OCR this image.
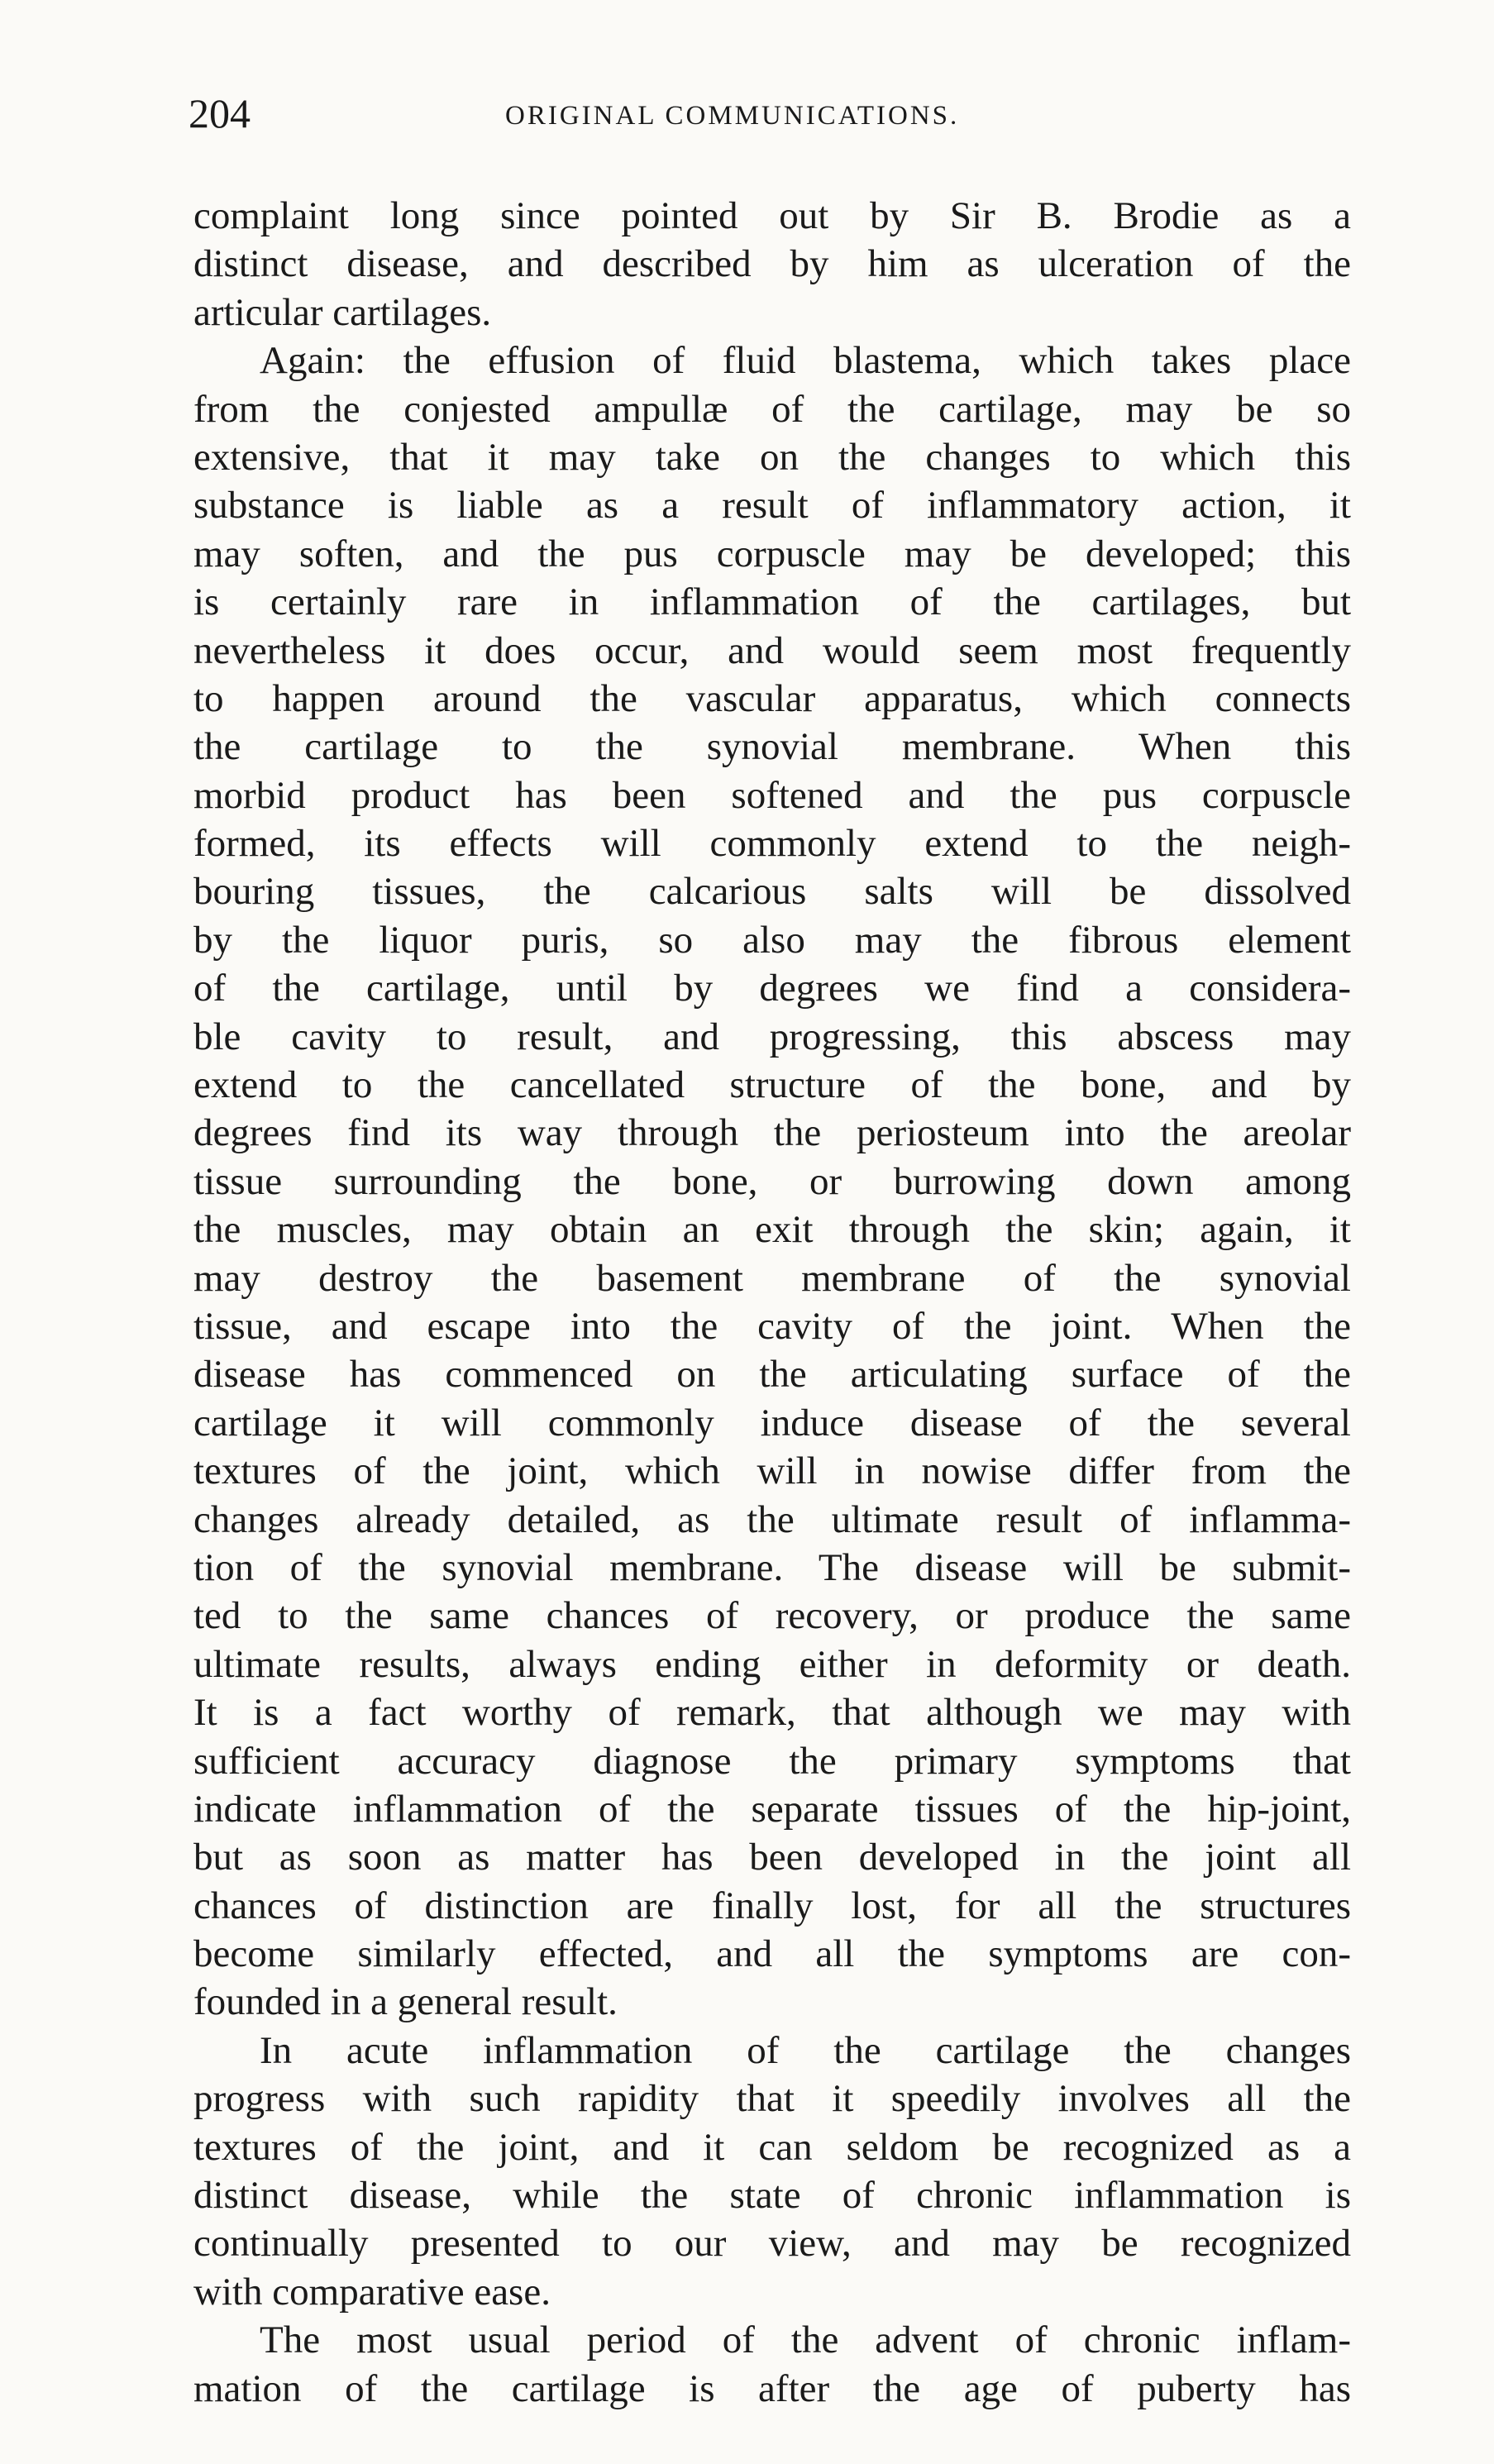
204	ORIGINAL COMMUNICATIONS.
complaint long since pointed out by Sir B. Brodie as a
distinct disease, and described by him as ulceration of the
articular cartilages.
Again: the effusion of fluid blastema, which takes place
from the conjested ampullæ of the cartilage, may be so
extensive, that it may take on the changes to which this
substance is liable as a result of inflammatory action, it
may soften, and the pus corpuscle may be developed; this
is certainly rare in inflammation of the cartilages, but
nevertheless it does occur, and would seem most frequently
to happen around the vascular apparatus, which connects
the cartilage to the synovial membrane. When this
morbid product has been softened and the pus corpuscle
formed, its effects will commonly extend to the neigh-
bouring tissues, the calcarious salts will be dissolved
by the liquor puris, so also may the fibrous element
of the cartilage, until by degrees we find a considera-
ble cavity to result, and progressing, this abscess may
extend to the cancellated structure of the bone, and by
degrees find its way through the periosteum into the areolar
tissue surrounding the bone, or burrowing down among
the muscles, may obtain an exit through the skin; again, it
may destroy the basement membrane of the synovial
tissue, and escape into the cavity of the joint. When the
disease has commenced on the articulating surface of the
cartilage it will commonly induce disease of the several
textures of the joint, which will in nowise differ from the
changes already detailed, as the ultimate result of inflamma-
tion of the synovial membrane. The disease will be submit-
ted to the same chances of recovery, or produce the same
ultimate results, always ending either in deformity or death.
It is a fact worthy of remark, that although we may with
sufficient accuracy diagnose the primary symptoms that
indicate inflammation of the separate tissues of the hip-joint,
but as soon as matter has been developed in the joint all
chances of distinction are finally lost, for all the structures
become similarly effected, and all the symptoms are con-
founded in a general result.
In acute inflammation of the cartilage the changes
progress with such rapidity that it speedily involves all the
textures of the joint, and it can seldom be recognized as a
distinct disease, while the state of chronic inflammation is
continually presented to our view, and may be recognized
with comparative ease.
The most usual period of the advent of chronic inflam-
mation of the cartilage is after the age of puberty has
